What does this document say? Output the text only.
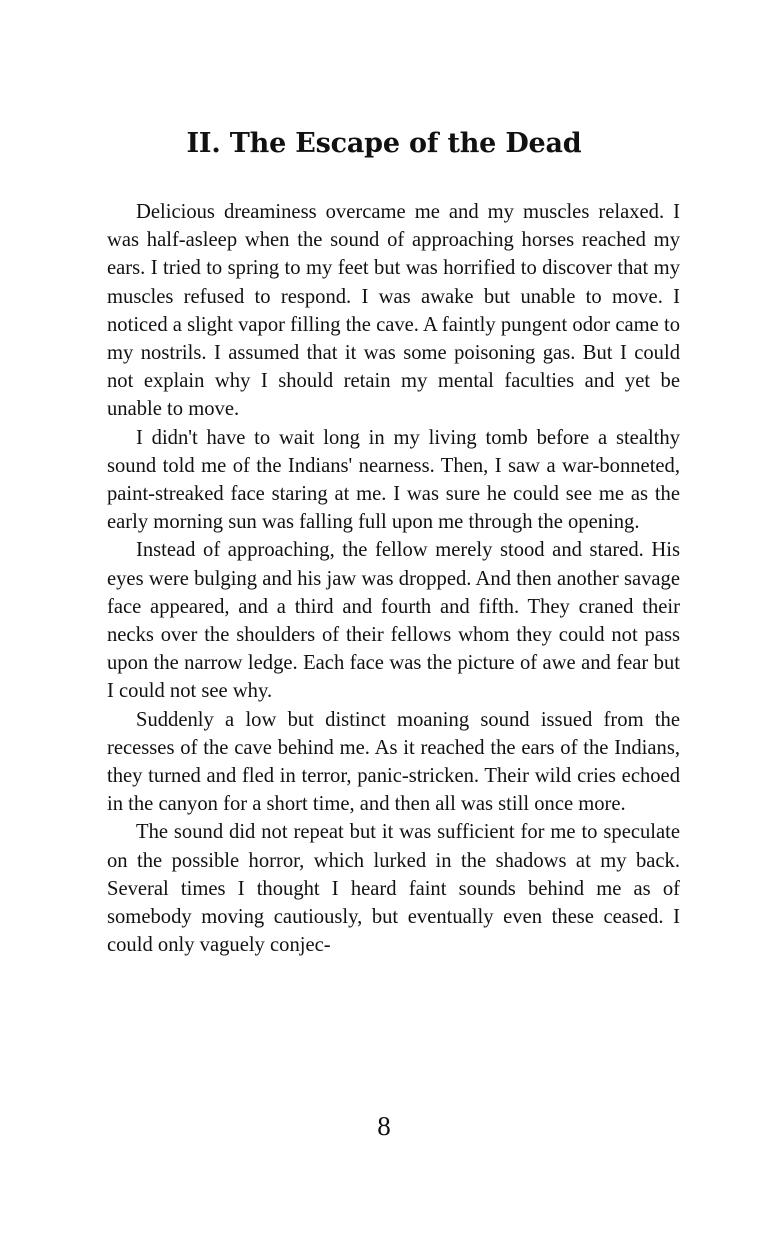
II. The Escape of the Dead

Delicious dreaminess overcame me and my muscles relaxed. I was half-asleep when the sound of approaching horses reached my ears. I tried to spring to my feet but was horrified to discover that my muscles refused to respond. I was awake but unable to move. I noticed a slight vapor filling the cave. A faintly pungent odor came to my nostrils. I assumed that it was some poisoning gas. But I could not explain why I should retain my mental faculties and yet be unable to move.

I didn't have to wait long in my living tomb before a stealthy sound told me of the Indians' nearness. Then, I saw a war-bonneted, paint-streaked face staring at me. I was sure he could see me as the early morning sun was falling full upon me through the opening.

Instead of approaching, the fellow merely stood and stared. His eyes were bulging and his jaw was dropped. And then another savage face appeared, and a third and fourth and fifth. They craned their necks over the shoulders of their fellows whom they could not pass upon the narrow ledge. Each face was the picture of awe and fear but I could not see why.

Suddenly a low but distinct moaning sound issued from the recesses of the cave behind me. As it reached the ears of the Indians, they turned and fled in terror, panic-stricken. Their wild cries echoed in the canyon for a short time, and then all was still once more.

The sound did not repeat but it was sufficient for me to speculate on the possible horror, which lurked in the shadows at my back. Several times I thought I heard faint sounds behind me as of somebody moving cautiously, but eventually even these ceased. I could only vaguely conjec-

8
